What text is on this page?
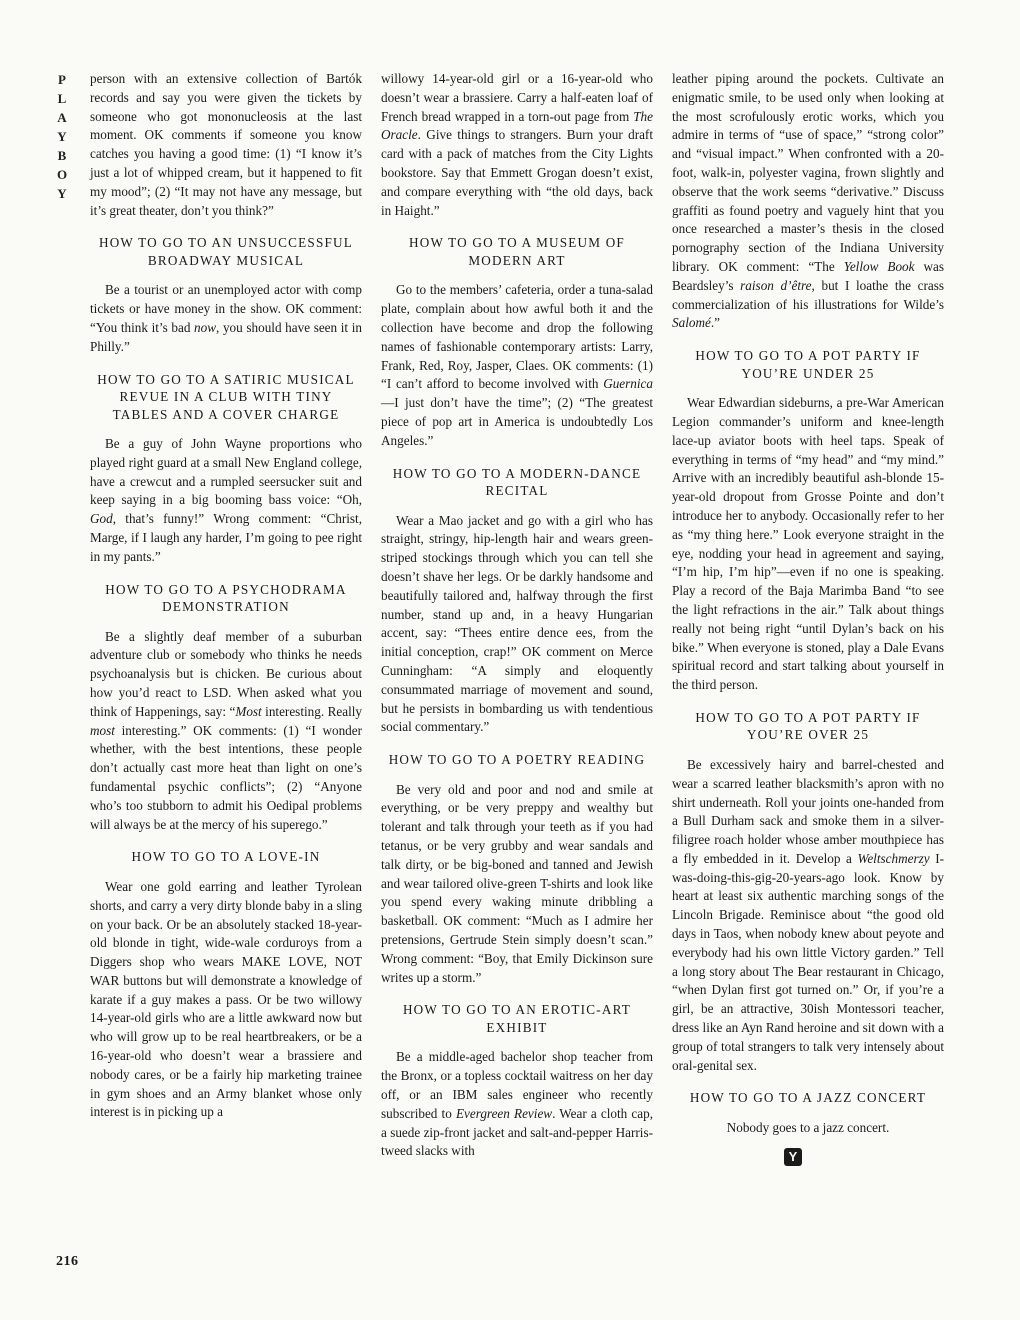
P
L
A
Y
B
O
Y
216

person with an extensive collection of Bartók records and say you were given the tickets by someone who got mononucleosis at the last moment. OK comments if someone you know catches you having a good time: (1) “I know it’s just a lot of whipped cream, but it happened to fit my mood”; (2) “It may not have any message, but it’s great theater, don’t you think?”

HOW TO GO TO AN UNSUCCESSFUL BROADWAY MUSICAL

Be a tourist or an unemployed actor with comp tickets or have money in the show. OK comment: “You think it’s bad now, you should have seen it in Philly.”

HOW TO GO TO A SATIRIC MUSICAL REVUE IN A CLUB WITH TINY TABLES AND A COVER CHARGE

Be a guy of John Wayne proportions who played right guard at a small New England college, have a crewcut and a rumpled seersucker suit and keep saying in a big booming bass voice: “Oh, God, that’s funny!” Wrong comment: “Christ, Marge, if I laugh any harder, I’m going to pee right in my pants.”

HOW TO GO TO A PSYCHODRAMA DEMONSTRATION

Be a slightly deaf member of a suburban adventure club or somebody who thinks he needs psychoanalysis but is chicken. Be curious about how you’d react to LSD. When asked what you think of Happenings, say: “Most interesting. Really most interesting.” OK comments: (1) “I wonder whether, with the best intentions, these people don’t actually cast more heat than light on one’s fundamental psychic conflicts”; (2) “Anyone who’s too stubborn to admit his Oedipal problems will always be at the mercy of his superego.”

HOW TO GO TO A LOVE-IN

Wear one gold earring and leather Tyrolean shorts, and carry a very dirty blonde baby in a sling on your back. Or be an absolutely stacked 18-year-old blonde in tight, wide-wale corduroys from a Diggers shop who wears MAKE LOVE, NOT WAR buttons but will demonstrate a knowledge of karate if a guy makes a pass. Or be two willowy 14-year-old girls who are a little awkward now but who will grow up to be real heartbreakers, or be a 16-year-old who doesn’t wear a brassiere and nobody cares, or be a fairly hip marketing trainee in gym shoes and an Army blanket whose only interest is in picking up a

willowy 14-year-old girl or a 16-year-old who doesn’t wear a brassiere. Carry a half-eaten loaf of French bread wrapped in a torn-out page from The Oracle. Give things to strangers. Burn your draft card with a pack of matches from the City Lights bookstore. Say that Emmett Grogan doesn’t exist, and compare everything with “the old days, back in Haight.”

HOW TO GO TO A MUSEUM OF MODERN ART

Go to the members’ cafeteria, order a tuna-salad plate, complain about how awful both it and the collection have become and drop the following names of fashionable contemporary artists: Larry, Frank, Red, Roy, Jasper, Claes. OK comments: (1) “I can’t afford to become involved with Guernica—I just don’t have the time”; (2) “The greatest piece of pop art in America is undoubtedly Los Angeles.”

HOW TO GO TO A MODERN-DANCE RECITAL

Wear a Mao jacket and go with a girl who has straight, stringy, hip-length hair and wears green-striped stockings through which you can tell she doesn’t shave her legs. Or be darkly handsome and beautifully tailored and, halfway through the first number, stand up and, in a heavy Hungarian accent, say: “Thees entire dence ees, from the initial conception, crap!” OK comment on Merce Cunningham: “A simply and eloquently consummated marriage of movement and sound, but he persists in bombarding us with tendentious social commentary.”

HOW TO GO TO A POETRY READING

Be very old and poor and nod and smile at everything, or be very preppy and wealthy but tolerant and talk through your teeth as if you had tetanus, or be very grubby and wear sandals and talk dirty, or be big-boned and tanned and Jewish and wear tailored olive-green T-shirts and look like you spend every waking minute dribbling a basketball. OK comment: “Much as I admire her pretensions, Gertrude Stein simply doesn’t scan.” Wrong comment: “Boy, that Emily Dickinson sure writes up a storm.”

HOW TO GO TO AN EROTIC-ART EXHIBIT

Be a middle-aged bachelor shop teacher from the Bronx, or a topless cocktail waitress on her day off, or an IBM sales engineer who recently subscribed to Evergreen Review. Wear a cloth cap, a suede zip-front jacket and salt-and-pepper Harris-tweed slacks with

leather piping around the pockets. Cultivate an enigmatic smile, to be used only when looking at the most scrofulously erotic works, which you admire in terms of “use of space,” “strong color” and “visual impact.” When confronted with a 20-foot, walk-in, polyester vagina, frown slightly and observe that the work seems “derivative.” Discuss graffiti as found poetry and vaguely hint that you once researched a master’s thesis in the closed pornography section of the Indiana University library. OK comment: “The Yellow Book was Beardsley’s raison d’être, but I loathe the crass commercialization of his illustrations for Wilde’s Salomé.”

HOW TO GO TO A POT PARTY IF YOU’RE UNDER 25

Wear Edwardian sideburns, a pre-War American Legion commander’s uniform and knee-length lace-up aviator boots with heel taps. Speak of everything in terms of “my head” and “my mind.” Arrive with an incredibly beautiful ash-blonde 15-year-old dropout from Grosse Pointe and don’t introduce her to anybody. Occasionally refer to her as “my thing here.” Look everyone straight in the eye, nodding your head in agreement and saying, “I’m hip, I’m hip”—even if no one is speaking. Play a record of the Baja Marimba Band “to see the light refractions in the air.” Talk about things really not being right “until Dylan’s back on his bike.” When everyone is stoned, play a Dale Evans spiritual record and start talking about yourself in the third person.

HOW TO GO TO A POT PARTY IF YOU’RE OVER 25

Be excessively hairy and barrel-chested and wear a scarred leather blacksmith’s apron with no shirt underneath. Roll your joints one-handed from a Bull Durham sack and smoke them in a silver-filigree roach holder whose amber mouthpiece has a fly embedded in it. Develop a Weltschmerzy I-was-doing-this-gig-20-years-ago look. Know by heart at least six authentic marching songs of the Lincoln Brigade. Reminisce about “the good old days in Taos, when nobody knew about peyote and everybody had his own little Victory garden.” Tell a long story about The Bear restaurant in Chicago, “when Dylan first got turned on.” Or, if you’re a girl, be an attractive, 30ish Montessori teacher, dress like an Ayn Rand heroine and sit down with a group of total strangers to talk very intensely about oral-genital sex.

HOW TO GO TO A JAZZ CONCERT

Nobody goes to a jazz concert.

Y
